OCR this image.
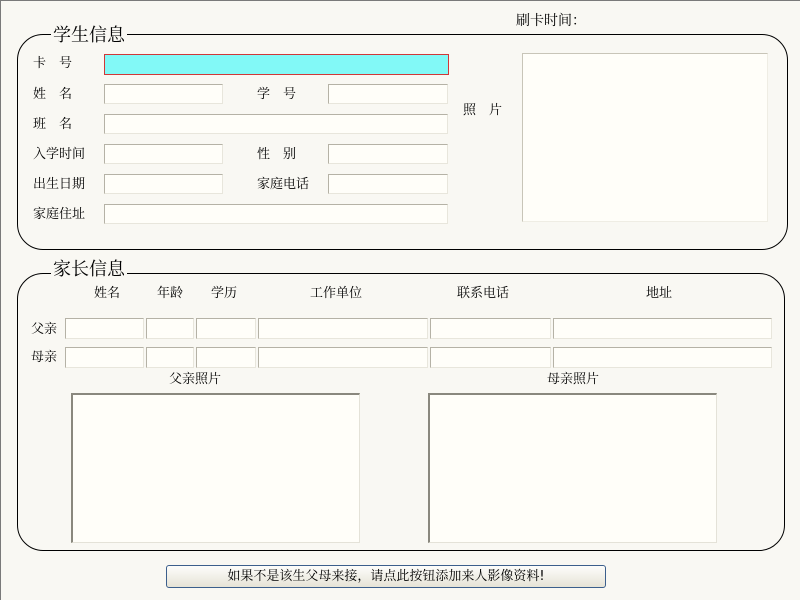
刷卡时间：
学生信息
卡　号
姓　名	学　号
班　名
入学时间	性　别
出生日期	家庭电话
家庭住址
照　片
家长信息
姓名	年龄	学历	工作单位	联系电话	地址
父亲
母亲
父亲照片	母亲照片
如果不是该生父母来接，请点此按钮添加来人影像资料!
